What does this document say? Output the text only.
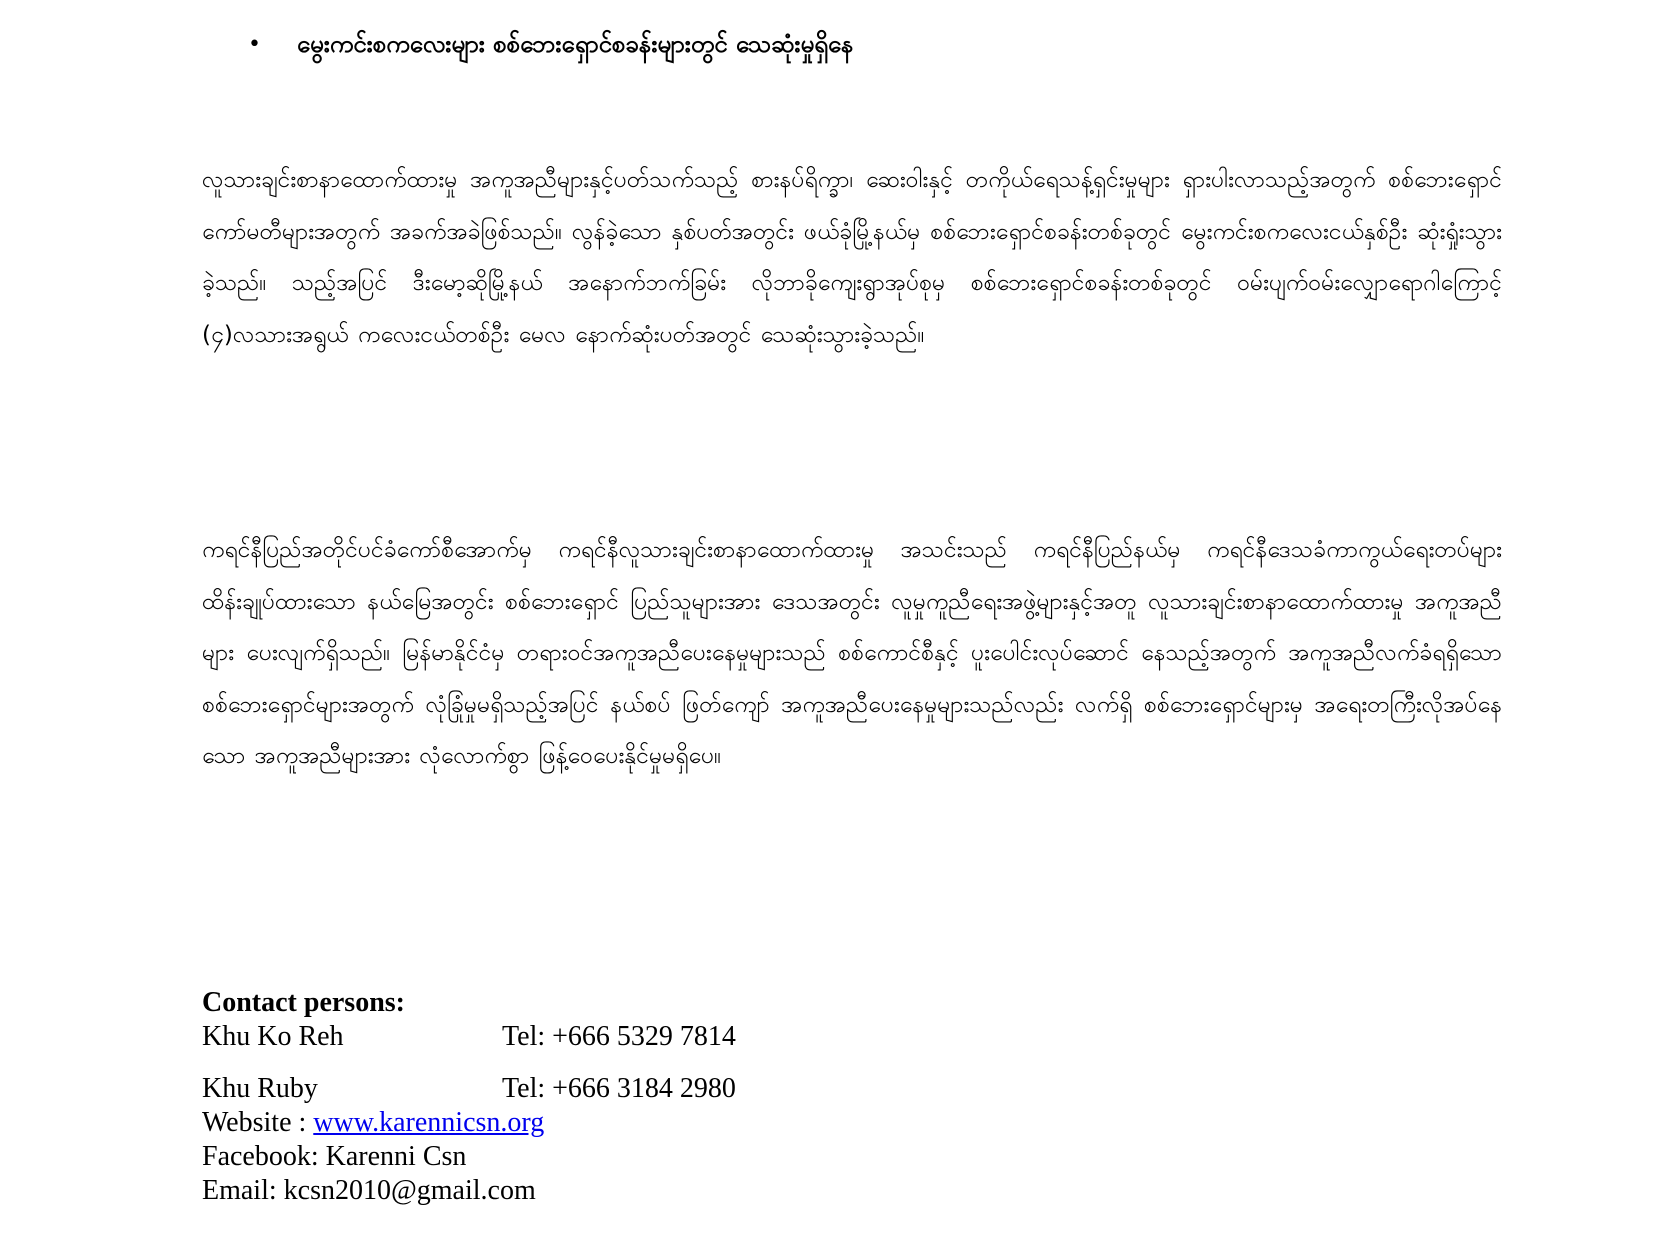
• မွေးကင်းစကလေးများ စစ်ဘေးရှောင်စခန်းများတွင် သေဆုံးမှုရှိနေ

လူသားချင်းစာနာထောက်ထားမှု အကူအညီများနှင့်ပတ်သက်သည့် စားနပ်ရိက္ခာ၊ ဆေးဝါးနှင့် တကိုယ်ရေသန့်ရှင်းမှုများ ရှားပါးလာသည့်အတွက် စစ်ဘေးရှောင်ကော်မတီများအတွက် အခက်အခဲဖြစ်သည်။ လွန်ခဲ့သော နှစ်ပတ်အတွင်း ဖယ်ခုံမြို့နယ်မှ စစ်ဘေးရှောင်စခန်းတစ်ခုတွင် မွေးကင်းစကလေးငယ်နှစ်ဦး ဆုံးရှုံးသွားခဲ့သည်။ သည့်အပြင် ဒီးမော့ဆိုမြို့နယ် အနောက်ဘက်ခြမ်း လိုဘာခိုကျေးရွာအုပ်စုမှ စစ်ဘေးရှောင်စခန်းတစ်ခုတွင် ဝမ်းပျက်ဝမ်းလျှောရောဂါကြောင့် (၄)လသားအရွယ် ကလေးငယ်တစ်ဦး မေလ နောက်ဆုံးပတ်အတွင် သေဆုံးသွားခဲ့သည်။

ကရင်နီပြည်အတိုင်ပင်ခံကော်စီအောက်မှ ကရင်နီလူသားချင်းစာနာထောက်ထားမှု အသင်းသည် ကရင်နီပြည်နယ်မှ ကရင်နီဒေသခံကာကွယ်ရေးတပ်များ ထိန်းချုပ်ထားသော နယ်မြေအတွင်း စစ်ဘေးရှောင် ပြည်သူများအား ဒေသအတွင်း လူမှုကူညီရေးအဖွဲ့များနှင့်အတူ လူသားချင်းစာနာထောက်ထားမှု အကူအညီများ ပေးလျက်ရှိသည်။ မြန်မာနိုင်ငံမှ တရားဝင်အကူအညီပေးနေမှုများသည် စစ်ကောင်စီနှင့် ပူးပေါင်းလုပ်ဆောင် နေသည့်အတွက် အကူအညီလက်ခံရရှိသော စစ်ဘေးရှောင်များအတွက် လုံခြုံမှုမရှိသည့်အပြင် နယ်စပ် ဖြတ်ကျော် အကူအညီပေးနေမှုများသည်လည်း လက်ရှိ စစ်ဘေးရှောင်များမှ အရေးတကြီးလိုအပ်နေသော အကူအညီများအား လုံလောက်စွာ ဖြန့်ဝေပေးနိုင်မှုမရှိပေ။

Contact persons:
Khu Ko Reh	Tel: +666 5329 7814
Khu Ruby	Tel: +666 3184 2980
Website : www.karennicsn.org
Facebook: Karenni Csn
Email: kcsn2010@gmail.com
